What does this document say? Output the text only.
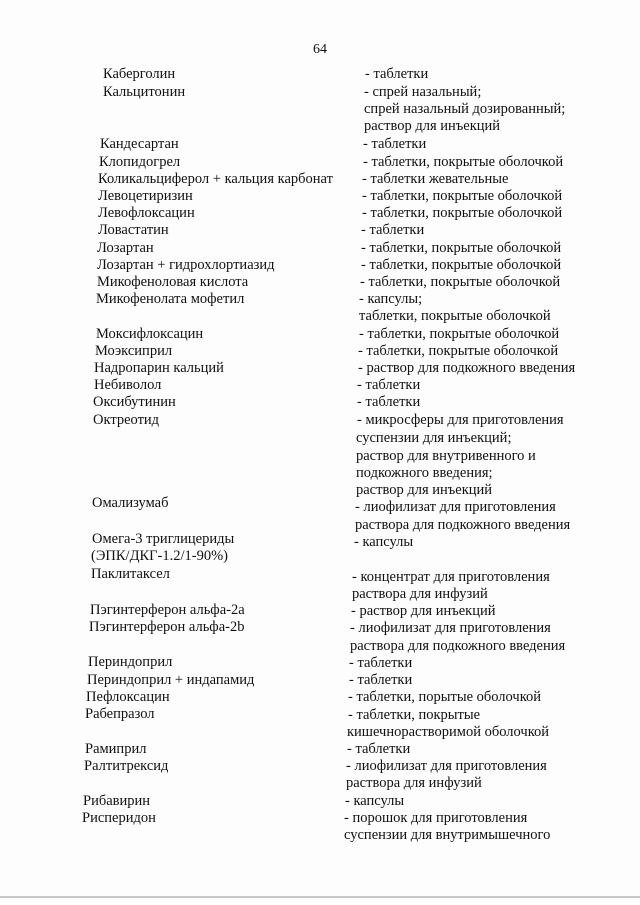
64
Каберголин
Кальцитонин
Кандесартан
Клопидогрел
Коликальциферол + кальция карбонат
Левоцетиризин
Левофлоксацин
Ловастатин
Лозартан
Лозартан + гидрохлортиазид
Микофеноловая кислота
Микофенолата мофетил
Моксифлоксацин
Моэксиприл
Надропарин кальций
Небиволол
Оксибутинин
Октреотид
Омализумаб
Омега-3 триглицериды
(ЭПК/ДКГ-1.2/1-90%)
Паклитаксел
Пэгинтерферон альфа-2а
Пэгинтерферон альфа-2b
Периндоприл
Периндоприл + индапамид
Пефлоксацин
Рабепразол
Рамиприл
Ралтитрексид
Рибавирин
Рисперидон
- таблетки
- спрей назальный;
спрей назальный дозированный;
раствор для инъекций
- таблетки
- таблетки, покрытые оболочкой
- таблетки жевательные
- таблетки, покрытые оболочкой
- таблетки, покрытые оболочкой
- таблетки
- таблетки, покрытые оболочкой
- таблетки, покрытые оболочкой
- таблетки, покрытые оболочкой
- капсулы;
таблетки, покрытые оболочкой
- таблетки, покрытые оболочкой
- таблетки, покрытые оболочкой
- раствор для подкожного введения
- таблетки
- таблетки
- микросферы для приготовления
суспензии для инъекций;
раствор для внутривенного и
подкожного введения;
раствор для инъекций
- лиофилизат для приготовления
раствора для подкожного введения
- капсулы
- концентрат для приготовления
раствора для инфузий
- раствор для инъекций
- лиофилизат для приготовления
раствора для подкожного введения
- таблетки
- таблетки
- таблетки, порытые оболочкой
- таблетки, покрытые
кишечнорастворимой оболочкой
- таблетки
- лиофилизат для приготовления
раствора для инфузий
- капсулы
- порошок для приготовления
суспензии для внутримышечного
